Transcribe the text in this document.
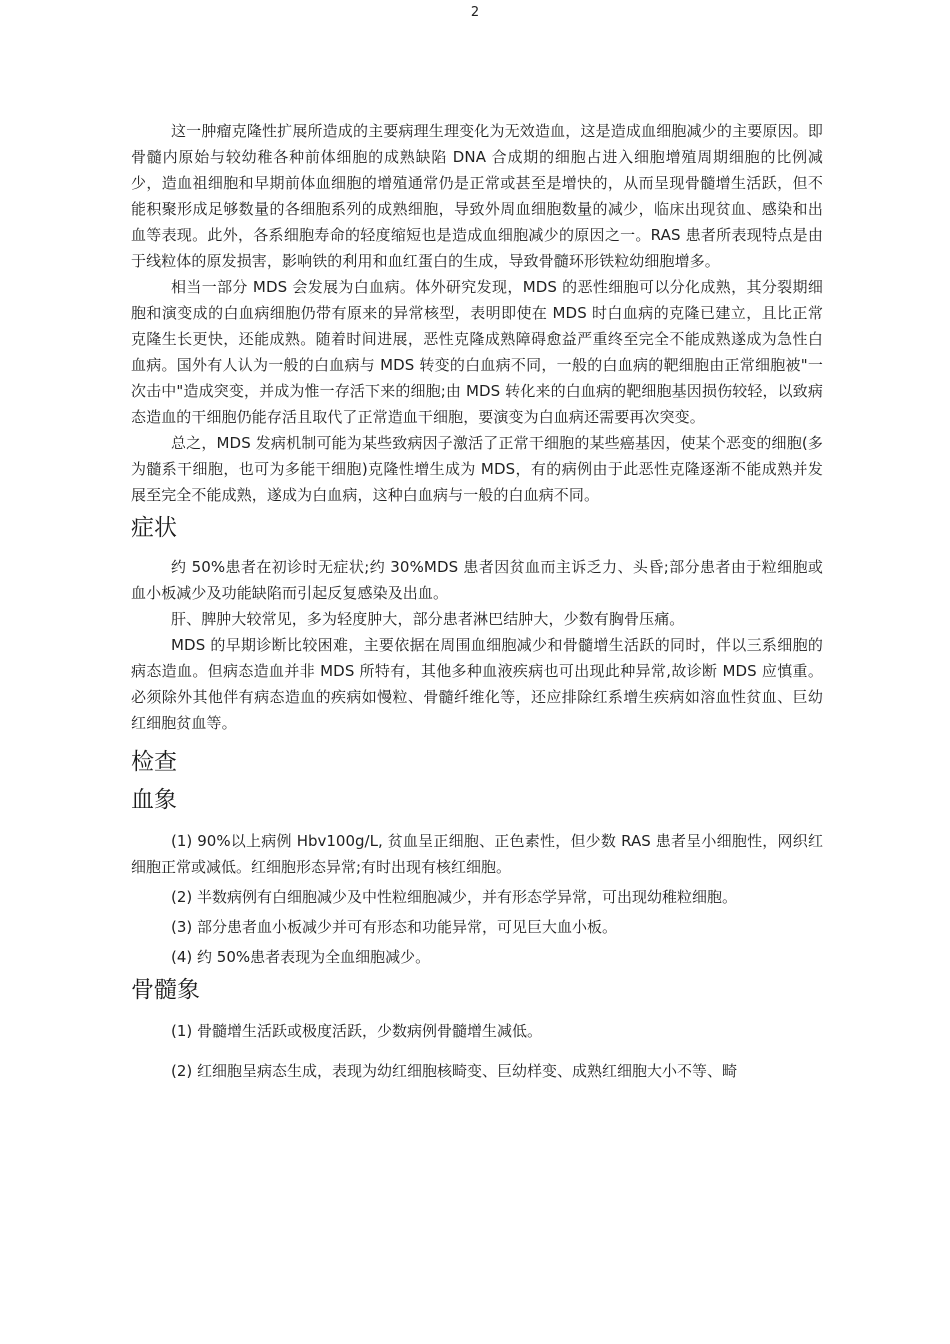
2

这一肿瘤克隆性扩展所造成的主要病理生理变化为无效造血，这是造成血细胞减少的主要原因。即骨髓内原始与较幼稚各种前体细胞的成熟缺陷 DNA 合成期的细胞占进入细胞增殖周期细胞的比例减少，造血祖细胞和早期前体血细胞的增殖通常仍是正常或甚至是增快的，从而呈现骨髓增生活跃，但不能积聚形成足够数量的各细胞系列的成熟细胞，导致外周血细胞数量的减少，临床出现贫血、感染和出血等表现。此外，各系细胞寿命的轻度缩短也是造成血细胞减少的原因之一。RAS 患者所表现特点是由于线粒体的原发损害，影响铁的利用和血红蛋白的生成，导致骨髓环形铁粒幼细胞增多。

相当一部分 MDS 会发展为白血病。体外研究发现，MDS 的恶性细胞可以分化成熟，其分裂期细胞和演变成的白血病细胞仍带有原来的异常核型，表明即使在 MDS 时白血病的克隆已建立，且比正常克隆生长更快，还能成熟。随着时间进展，恶性克隆成熟障碍愈益严重终至完全不能成熟遂成为急性白血病。国外有人认为一般的白血病与 MDS 转变的白血病不同，一般的白血病的靶细胞由正常细胞被"一次击中"造成突变，并成为惟一存活下来的细胞;由 MDS 转化来的白血病的靶细胞基因损伤较轻，以致病态造血的干细胞仍能存活且取代了正常造血干细胞，要演变为白血病还需要再次突变。

总之，MDS 发病机制可能为某些致病因子激活了正常干细胞的某些癌基因，使某个恶变的细胞(多为髓系干细胞，也可为多能干细胞)克隆性增生成为 MDS，有的病例由于此恶性克隆逐渐不能成熟并发展至完全不能成熟，遂成为白血病，这种白血病与一般的白血病不同。

症状

约 50%患者在初诊时无症状;约 30%MDS 患者因贫血而主诉乏力、头昏;部分患者由于粒细胞或血小板减少及功能缺陷而引起反复感染及出血。

肝、脾肿大较常见，多为轻度肿大，部分患者淋巴结肿大，少数有胸骨压痛。

MDS 的早期诊断比较困难，主要依据在周围血细胞减少和骨髓增生活跃的同时，伴以三系细胞的病态造血。但病态造血并非 MDS 所特有，其他多种血液疾病也可出现此种异常,故诊断 MDS 应慎重。必须除外其他伴有病态造血的疾病如慢粒、骨髓纤维化等，还应排除红系增生疾病如溶血性贫血、巨幼红细胞贫血等。

检查
血象

(1) 90%以上病例 Hbv100g/L, 贫血呈正细胞、正色素性，但少数 RAS 患者呈小细胞性，网织红细胞正常或减低。红细胞形态异常;有时出现有核红细胞。

(2) 半数病例有白细胞减少及中性粒细胞减少，并有形态学异常，可出现幼稚粒细胞。

(3) 部分患者血小板减少并可有形态和功能异常，可见巨大血小板。

(4) 约 50%患者表现为全血细胞减少。

骨髓象

(1) 骨髓增生活跃或极度活跃，少数病例骨髓增生减低。

(2) 红细胞呈病态生成，表现为幼红细胞核畸变、巨幼样变、成熟红细胞大小不等、畸
